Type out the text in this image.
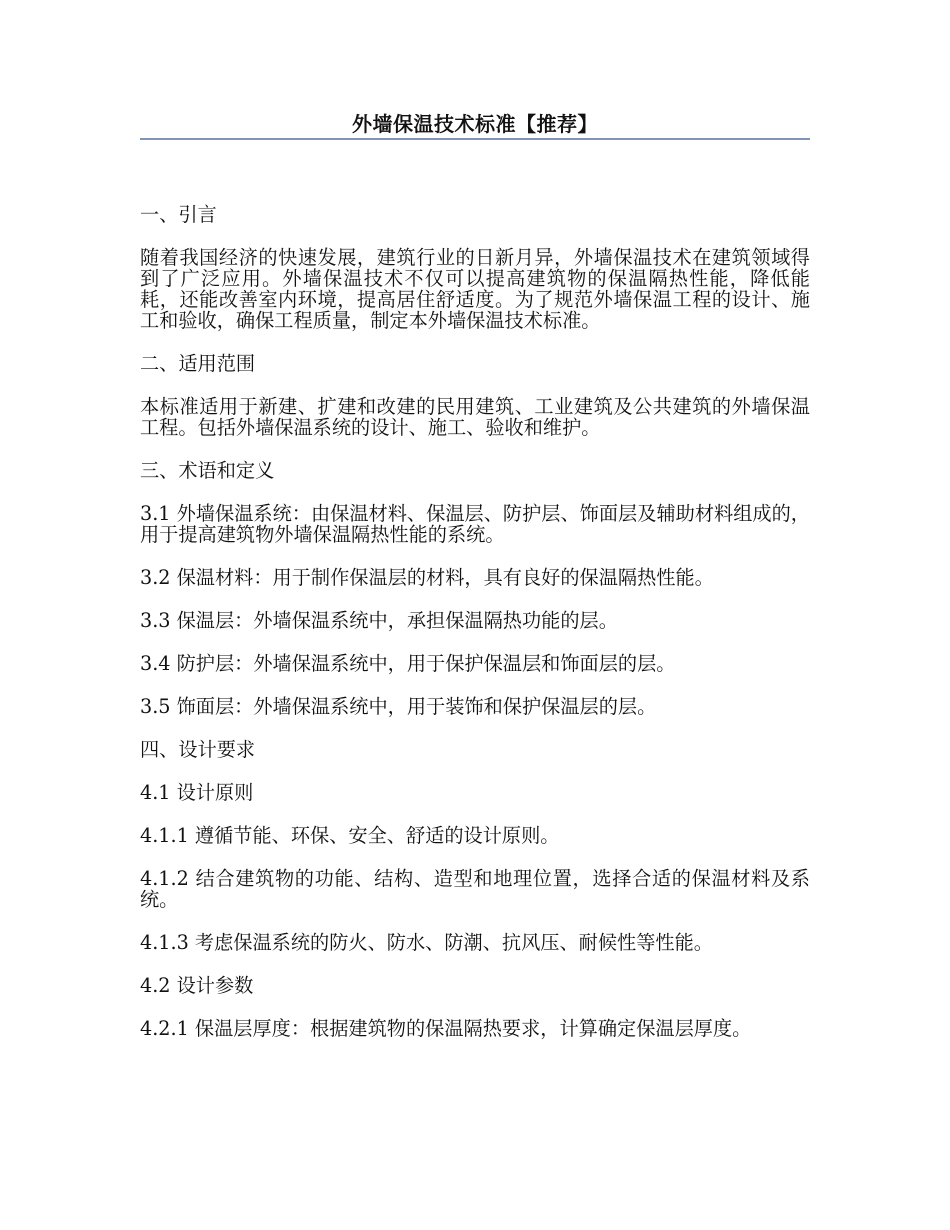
外墙保温技术标准【推荐】

一、引言

随着我国经济的快速发展，建筑行业的日新月异，外墙保温技术在建筑领域得到了广泛应用。外墙保温技术不仅可以提高建筑物的保温隔热性能，降低能耗，还能改善室内环境，提高居住舒适度。为了规范外墙保温工程的设计、施工和验收，确保工程质量，制定本外墙保温技术标准。

二、适用范围

本标准适用于新建、扩建和改建的民用建筑、工业建筑及公共建筑的外墙保温工程。包括外墙保温系统的设计、施工、验收和维护。

三、术语和定义

3.1 外墙保温系统：由保温材料、保温层、防护层、饰面层及辅助材料组成的，用于提高建筑物外墙保温隔热性能的系统。

3.2 保温材料：用于制作保温层的材料，具有良好的保温隔热性能。

3.3 保温层：外墙保温系统中，承担保温隔热功能的层。

3.4 防护层：外墙保温系统中，用于保护保温层和饰面层的层。

3.5 饰面层：外墙保温系统中，用于装饰和保护保温层的层。

四、设计要求

4.1 设计原则

4.1.1 遵循节能、环保、安全、舒适的设计原则。

4.1.2 结合建筑物的功能、结构、造型和地理位置，选择合适的保温材料及系统。

4.1.3 考虑保温系统的防火、防水、防潮、抗风压、耐候性等性能。

4.2 设计参数

4.2.1 保温层厚度：根据建筑物的保温隔热要求，计算确定保温层厚度。
